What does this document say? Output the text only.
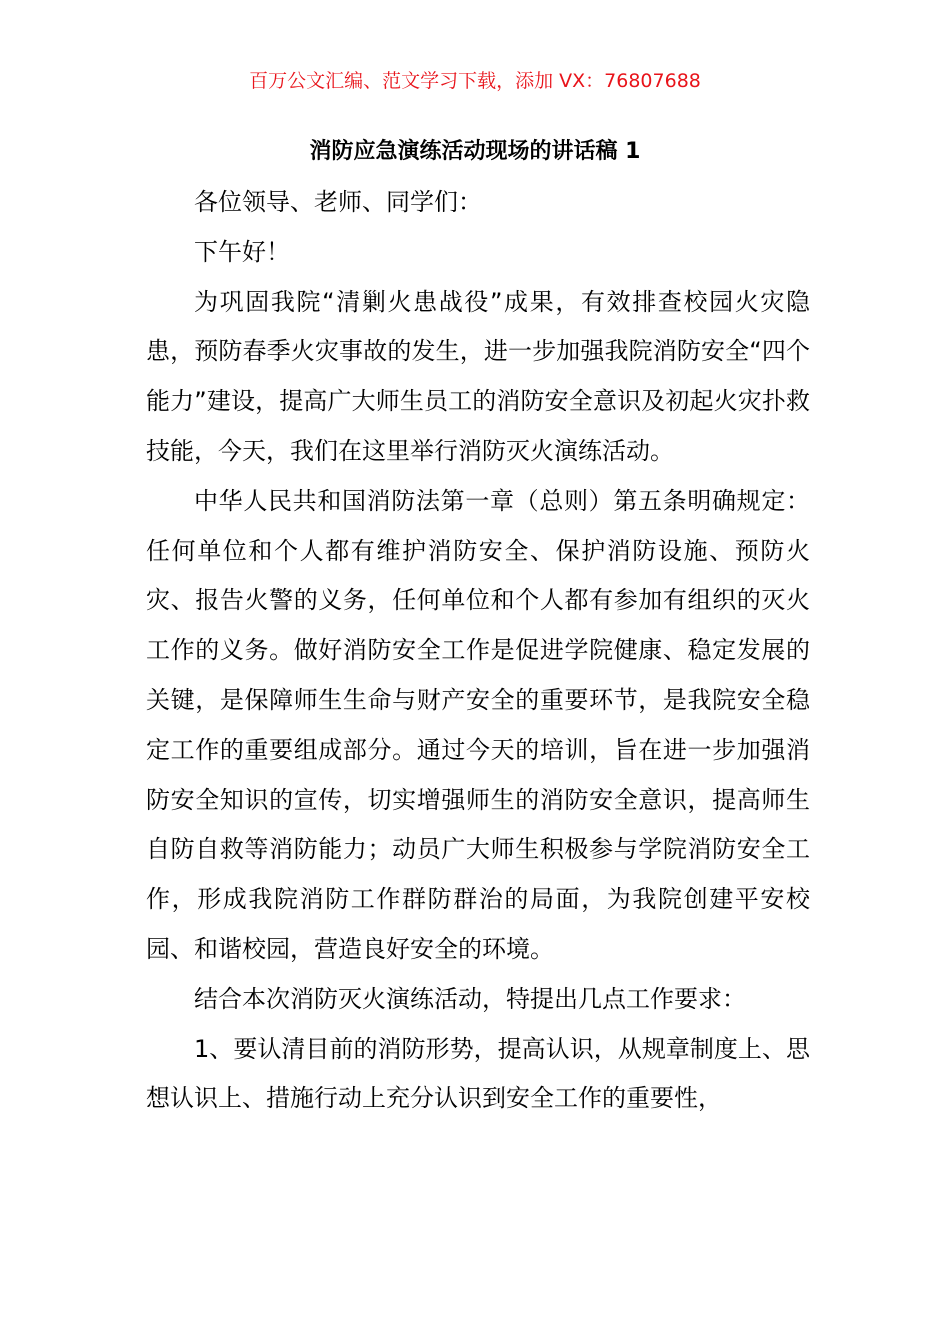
百万公文汇编、范文学习下载，添加 VX：76807688
消防应急演练活动现场的讲话稿 1

各位领导、老师、同学们：

下午好！

为巩固我院“清剿火患战役”成果，有效排查校园火灾隐患，预防春季火灾事故的发生，进一步加强我院消防安全“四个能力”建设，提高广大师生员工的消防安全意识及初起火灾扑救技能，今天，我们在这里举行消防灭火演练活动。

中华人民共和国消防法第一章（总则）第五条明确规定：任何单位和个人都有维护消防安全、保护消防设施、预防火灾、报告火警的义务，任何单位和个人都有参加有组织的灭火工作的义务。做好消防安全工作是促进学院健康、稳定发展的关键，是保障师生生命与财产安全的重要环节，是我院安全稳定工作的重要组成部分。通过今天的培训，旨在进一步加强消防安全知识的宣传，切实增强师生的消防安全意识，提高师生自防自救等消防能力；动员广大师生积极参与学院消防安全工作，形成我院消防工作群防群治的局面，为我院创建平安校园、和谐校园，营造良好安全的环境。

结合本次消防灭火演练活动，特提出几点工作要求：

1、要认清目前的消防形势，提高认识，从规章制度上、思想认识上、措施行动上充分认识到安全工作的重要性，
